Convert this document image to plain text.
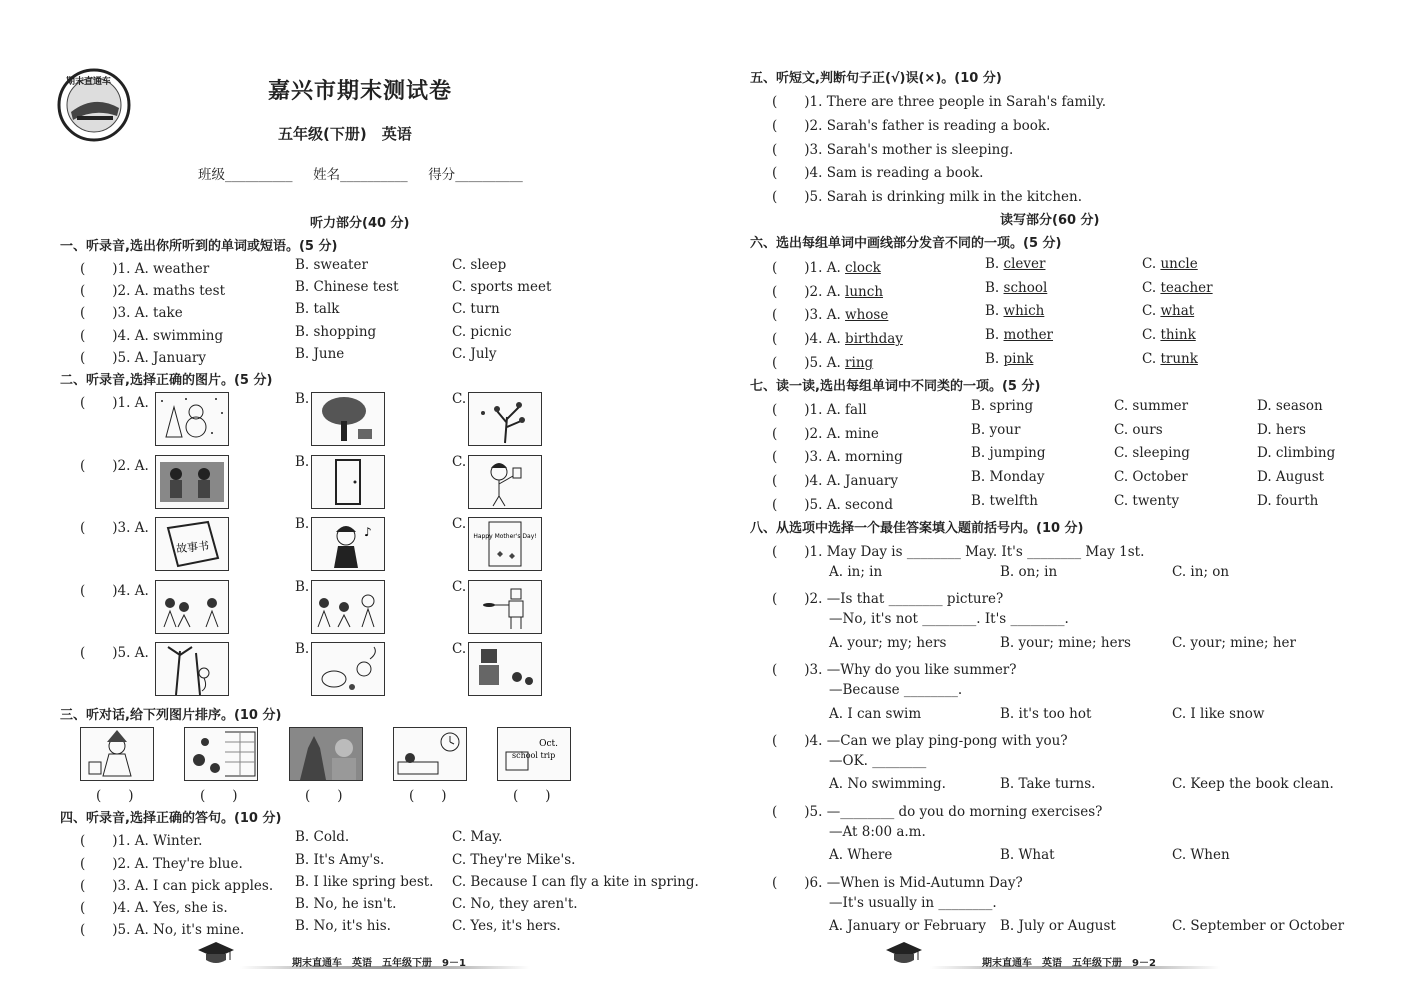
期末直通车	嘉兴市期末测试卷
五年级(下册)　英语
班级__________ 姓名__________ 得分__________
听力部分(40 分)
一、听录音,选出你所听到的单词或短语。(5 分)
(　　)1. A. weather	B. sweater	C. sleep
(　　)2. A. maths test	B. Chinese test	C. sports meet
(　　)3. A. take	B. talk	C. turn
(　　)4. A. swimming	B. shopping	C. picnic
(　　)5. A. January	B. June	C. July
二、听录音,选择正确的图片。(5 分)
(　　)1. A.	B.	C.
(　　)2. A.	B.	C.
(　　)3. A.	B.	C.
故事书
♪	Happy Mother's Day!
(　　)4. A.	B.	C.
(　　)5. A.	B.	C.
三、听对话,给下列图片排序。(10 分)
Oct.
school trip
(　　)	(　　)	(　　)	(　　)	(　　)
四、听录音,选择正确的答句。(10 分)
(　　)1. A. Winter.	B. Cold.	C. May.
(　　)2. A. They're blue.	B. It's Amy's.	C. They're Mike's.
(　　)3. A. I can pick apples. B. I like spring best. C. Because I can fly a kite in spring.
(　　)4. A. Yes, she is.	B. No, he isn't.	C. No, they aren't.
(　　)5. A. No, it's mine.	B. No, it's his.	C. Yes, it's hers.
期末直通车　英语　五年级下册　9－1
五、听短文,判断句子正(√)误(×)。(10 分)
(　　)1. There are three people in Sarah's family.
(　　)2. Sarah's father is reading a book.
(　　)3. Sarah's mother is sleeping.
(　　)4. Sam is reading a book.
(　　)5. Sarah is drinking milk in the kitchen.
读写部分(60 分)
六、选出每组单词中画线部分发音不同的一项。(5 分)
(　　)1. A. clock	B. clever	C. uncle
(　　)2. A. lunch	B. school	C. teacher
(　　)3. A. whose	B. which	C. what
(　　)4. A. birthday	B. mother	C. think
(　　)5. A. ring	B. pink	C. trunk
七、读一读,选出每组单词中不同类的一项。(5 分)
(　　)1. A. fall	B. spring	C. summer	D. season
(　　)2. A. mine	B. your	C. ours	D. hers
(　　)3. A. morning	B. jumping	C. sleeping	D. climbing
(　　)4. A. January	B. Monday	C. October	D. August
(　　)5. A. second	B. twelfth	C. twenty	D. fourth
八、从选项中选择一个最佳答案填入题前括号内。(10 分)
(　　)1. May Day is ________ May. It's ________ May 1st.
A. in; in	B. on; in	C. in; on
(　　)2. —Is that ________ picture?
—No, it's not ________. It's ________.
A. your; my; hers	B. your; mine; hers	C. your; mine; her
(　　)3. —Why do you like summer?
—Because ________.
A. I can swim	B. it's too hot	C. I like snow
(　　)4. —Can we play ping-pong with you?
—OK. ________
A. No swimming.	B. Take turns.	C. Keep the book clean.
(　　)5. —________ do you do morning exercises?
—At 8:00 a.m.
A. Where	B. What	C. When
(　　)6. —When is Mid-Autumn Day?
—It's usually in ________.
A. January or February B. July or August	C. September or October
期末直通车　英语　五年级下册　9－2
